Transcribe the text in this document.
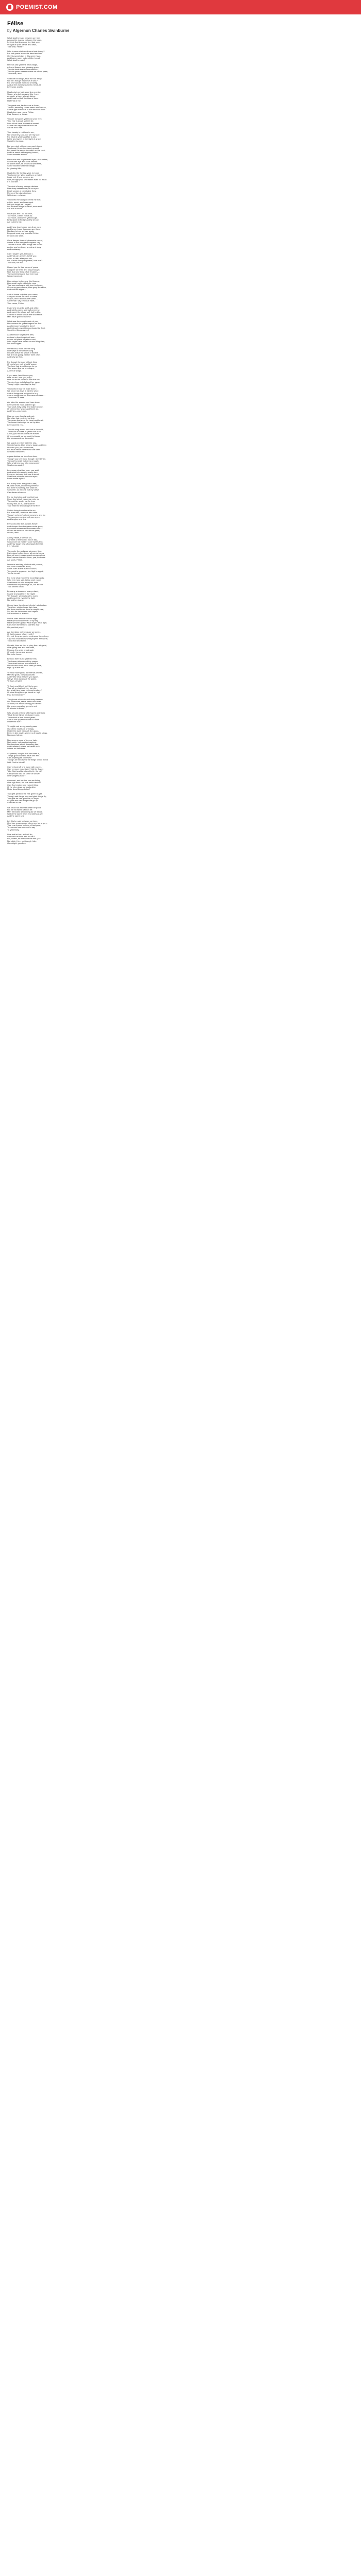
POEMIST.COM
Félise
by Algernon Charles Swinburne
What shall be said between us here
Among the downs, between the trees,
In fields that knew our feet last year,
In sight of quiet sands and seas,
This year, Félise?
Who knows what word were best to say?
For last year's leaves lie dead and red
On this sweet day, in this green May,
And barren corn makes bitter bread.
What shall be said?
Here as last year the fields begin,
A fire of flowers and glowing grass;
The old fields that we sorrowed in,
The old green wastes where we would pass;
The same, alas!
Shall we not laugh, shall we not weep,
Not we, though this be as it was?
For love awoke from out of sleep,
And all the world was loved, because
Love was, and is.
I had what we had; your lips on mine;
Sleep, who but guess at this, I see;
A mouth, a face, a heart divine,
And I had but half the kiss of thee.
Half that of me.
The great sea, faultless as a flower,
Throbs, trembling under beam and breeze,
And laughs with love of the amorous hour.
I had given you roses, Félise,
Pale flowers, or these.
You are not gone; yet I hear your feet;
Your hair is dead; so let it be;
I would not have it sweet as sweet
As the lost days that were for me.
Still be thou free.
Your beauty is not love to me,
Nor would my soul, nor yet my face;
For what is white and fair to see,
Is fair and sweet in the sight of grace;
Sweet in its place.
But you, sigh without, you must shock,
You know it from the sweet ground,
Let sweet the sweet lavender on the rock,
And the sweet with sighing bound,
Some sweeter sound.
He snake with bright tinted eyes, that wakes,
Green with eye as it coils beside;
Of sweet nine, he knows all with fires,
Some ancient wasteful foliage,
Its glowing tide.
I had died for the last year, to know
You loved me. Who shall turn on fate?
I care not, if love come or go
Now, though your love seem even for weak.
It is too late.
The dust of many strange desires
Lies deep between us; in our eyes
Dwell smoke of perishable fires,
Flame of the days that are;
Which are; not wise.
You loved me and you loved me not;
A little, much, and overmuch.
Will you forget as I forget?
Let all dead things lie dead; none such
Are soft to touch.
I love you and I do not love,
Too much, a little, not at all;
Too much, and never yet enough.
Birds quick to fledge and fly at call
Are quick to fall.
And these love longer now than men,
And larger loves than ours are these
No diver brings up love again
Dropped once, my beautiful Félise,
In such cold seas.
Gone deeper than all plummets sound,
Where in the dim green dayless day
The life of such dead things lies bound
As the sea feeds on, wreck and stray
And castaway.
Can I forget? yea, that can I,
And that can all men, to tell you;
Alive, or late, after your die,
No, but the love you please; love true?
Two now, not two.
I loved you for that name of yours
Long ere we met, and long enough;
Now that one thing of all endures—
The sweetest name that ever love
Waxed weary of.
Like colours in the sea, like flowers,
Like a cat's splendid circle eyes
That wax and wane with love for hours,
Green as green flame, blue-grey like skies,
And soft like sighs—
And all these only like your name,
And your name full of all of these.
I say it, and it sounds the same—
Save that I say it now at ease,
Your name, Félise.
I said 'she must be swift and white,
And subtly warm, and half perverse,
And sweet like sharp soft fruit to bite,
And like a snake's love lithe and fierce.'
Men have guessed worse.
What was the song I made of you
Here where the grass forgets our feet
As afternoon forgets the dew?
Ah that such sweet things should be fleet,
Such fleet things sweet!
As afternoon forgets the dew,
As time in time forgets all men,
As our old place forgets us two,
Who might have turned to one thing then,
Not twice again.
O that hour, if our time be long
Like wept of the cradle-song
Dreams leave the prove of earth's
We are not going, neither went of us
And why go thus.
For though the east without thing
Of our is love not, should 'scape,
The love that should cross he go
Your sweet lips we ere shape,
A love of shape.
If you were I and I were you,
How could I love you, say?
How could the roseleaf love the rue,
The day love nightfall and her sway,
Though night may slay the day?
You loved it may be more than I;
We know not; love is hard to seize.
And all things are not good to buy,
And all things die but the name of these—
The flower of ease.
Ah, take the season and have done,
Love well the hour and let it go:
Two souls may sleep and wake up one,
Or dream they wake and find it so,
And then—you know.
Kiss me once hastily and part.
Not after that nor this, but this;
The years that were for heart and heart,
The sweet that might be on thy kiss,
Love and the rest.
The old song would hold but in the cold,
The fool's success of years that burn;
A fold, your heart and laurel bower,
Of love would, as for mouth's flower,
Hid blossoms from the world.
We stand on either side the sea,
Stretch hands, blow kisses, laugh and lean
I toward you, you toward me;
But what hears either save the keen
Grey sea between?
A year divides us, love from love,
Though you love now, though I loved then.
The gulf is strait, but deep enough;
Who shall recross, who among men
Shall cross again?
Love was a jest last year, you said,
And what lives surely, surely dies.
Even so; but now that love is dead,
Shall love rekindle from wet eyes,
From subtle sighs?
For many loves are good to see;
Mutable loves, and loves perverse;
But there is nothing, nor shall be,
So sweet, so wicked, but my verse
Can dream of worse.
For we that sing and you that love
Know that which man may, only we
The rest live under us; for love
Is only this, as is, and shall be
That hath the knowledge of the free.
So this thing is and must be so;
For man dies, and love also dies.
Though yet men's ghost moves to and fro
The sea-green mirrors of your eyes,
And laughs, and lies.
Eyes coloured like a water-flower,
And deeper than the green sea's glass;
Eyes that remember one sweet hour—
In vain we swore it should not pass;
In vain, alas!
Ah my Félise, if love or sin,
If shame or fear could hold it fast,
Should we not hold it? Love wears thin,
And they laugh best who laugh the last.
It is not past.
The gods, the gods are stronger; time
Falls down before them, all men's knees
Bow, all men's prayers and sorrows climb
Like incense towards them; yea, for these
Are gods, Félise.
Immortal are they, clothed with powers,
Not to be comforted at all;
Lords over all the fruitless hours;
Too great to appease, too high to appal,
Too far to call.
For none shall move the most high gods,
Who are most sad, being cruel; none
Shall break or take away the rods
Wherewith they scourge us, not as one
That smites a son.
By many a stream of many a land,
I came and waited in the night;
Yet though I set my heart to roam,
And heard the river in the light,
Nor sat for shame.
Hence have they heard of who hath broken
Their line, clothed over their face
Hid there and found there's naught else,
Set dim for their name and repeat
Still shouldst or answer.
Do the stars answer? in the night
Have ye found comfort? or by day
Have ye seen gods? What hope, what light,
Falls from the farthest starriest way
On you that pray?
Are the skies wet because we weep,
Or fair because of any mirth?
Cry out; they are gods; perchance they sleep;
Cry; thou shalt know what prayers are worth,
Thou dust and earth.
O earth, thou art fain to play; thou art great,
O laughing sea and fast dead,
Fling up thy sea's proud gate,
Of earth, inexorable source,
Not to be borne.
Behold, there is no grief like this;
The barren blossom of thy prayer,
Thou shalt find out how sweet it is.
O fools and blind, what seek ye there,
High up in the air?
Ye must have gods, the friends of men,
Merciful gods, compassionate,
And these shall answer you again.
Will ye beat always at the gates,
Ye fools of fate?
Ye fools and blind; for this is sure,
That all ye shall not live, but die.
Lo, what thing have ye found endure?
Or what thing have ye found on high
Past the blind sky?
The ghosts of words and dusty dreams,
Old memories, faiths infirm and dead.
Ye fools; for which among you deems
His prayer can alter green to red
Or stones to bread?
Why should ye bear with hopes and fears
Till all these things be drawn in one,
The sound of iron-footed years,
And all the oppression that is done
Under the sun?
Ye might end surely, surely pass
Out of the multitude of things,
Under the dust, beneath the grass,
Deep in dim death, where no thought stings,
No record clings.
No memory more of love or hate,
No trouble, nothing that aspires,
No sleepless labour thwarting fate,
And thwarted; where no travail tires,
Where no faith fires.
All passes; nought that has been is,
Things good and evil have one end.
Can anything be otherwise
Though all men swear all things would mend
With God to friend?
Can ye beat off one wave with prayer,
Can ye move mountains? bid the flower
Take flight and turn to a bird in the air?
Can ye hold fast for shine or shower
One wingless hour?
Ah sweet, and we too, can we bring
One sigh back, bid one smile revive?
Can God restore one ruined thing,
Or he who slays our souls alive
Make dead things thrive?
Two gifts perforce he has given us yet,
Though sad things stay and glad things fly;
Two gifts he has given us, to forget
All glad and sad things that go by,
And then to die.
We know not whether death be good,
But life at least it will not be:
Men will stand saddening as we stood,
Watch the same fields and skies as we
And the same sea.
Let this be said between us here,
One love grows green when one turns grey;
This year knows nothing of last year;
To-morrow has no more to say
To yesterday.
Live and let live, as I will do,
Love and let love, and so will I.
But, sweet, for me no more with you:
Not while I live, not though I die.
Goodnight, goodbye.
